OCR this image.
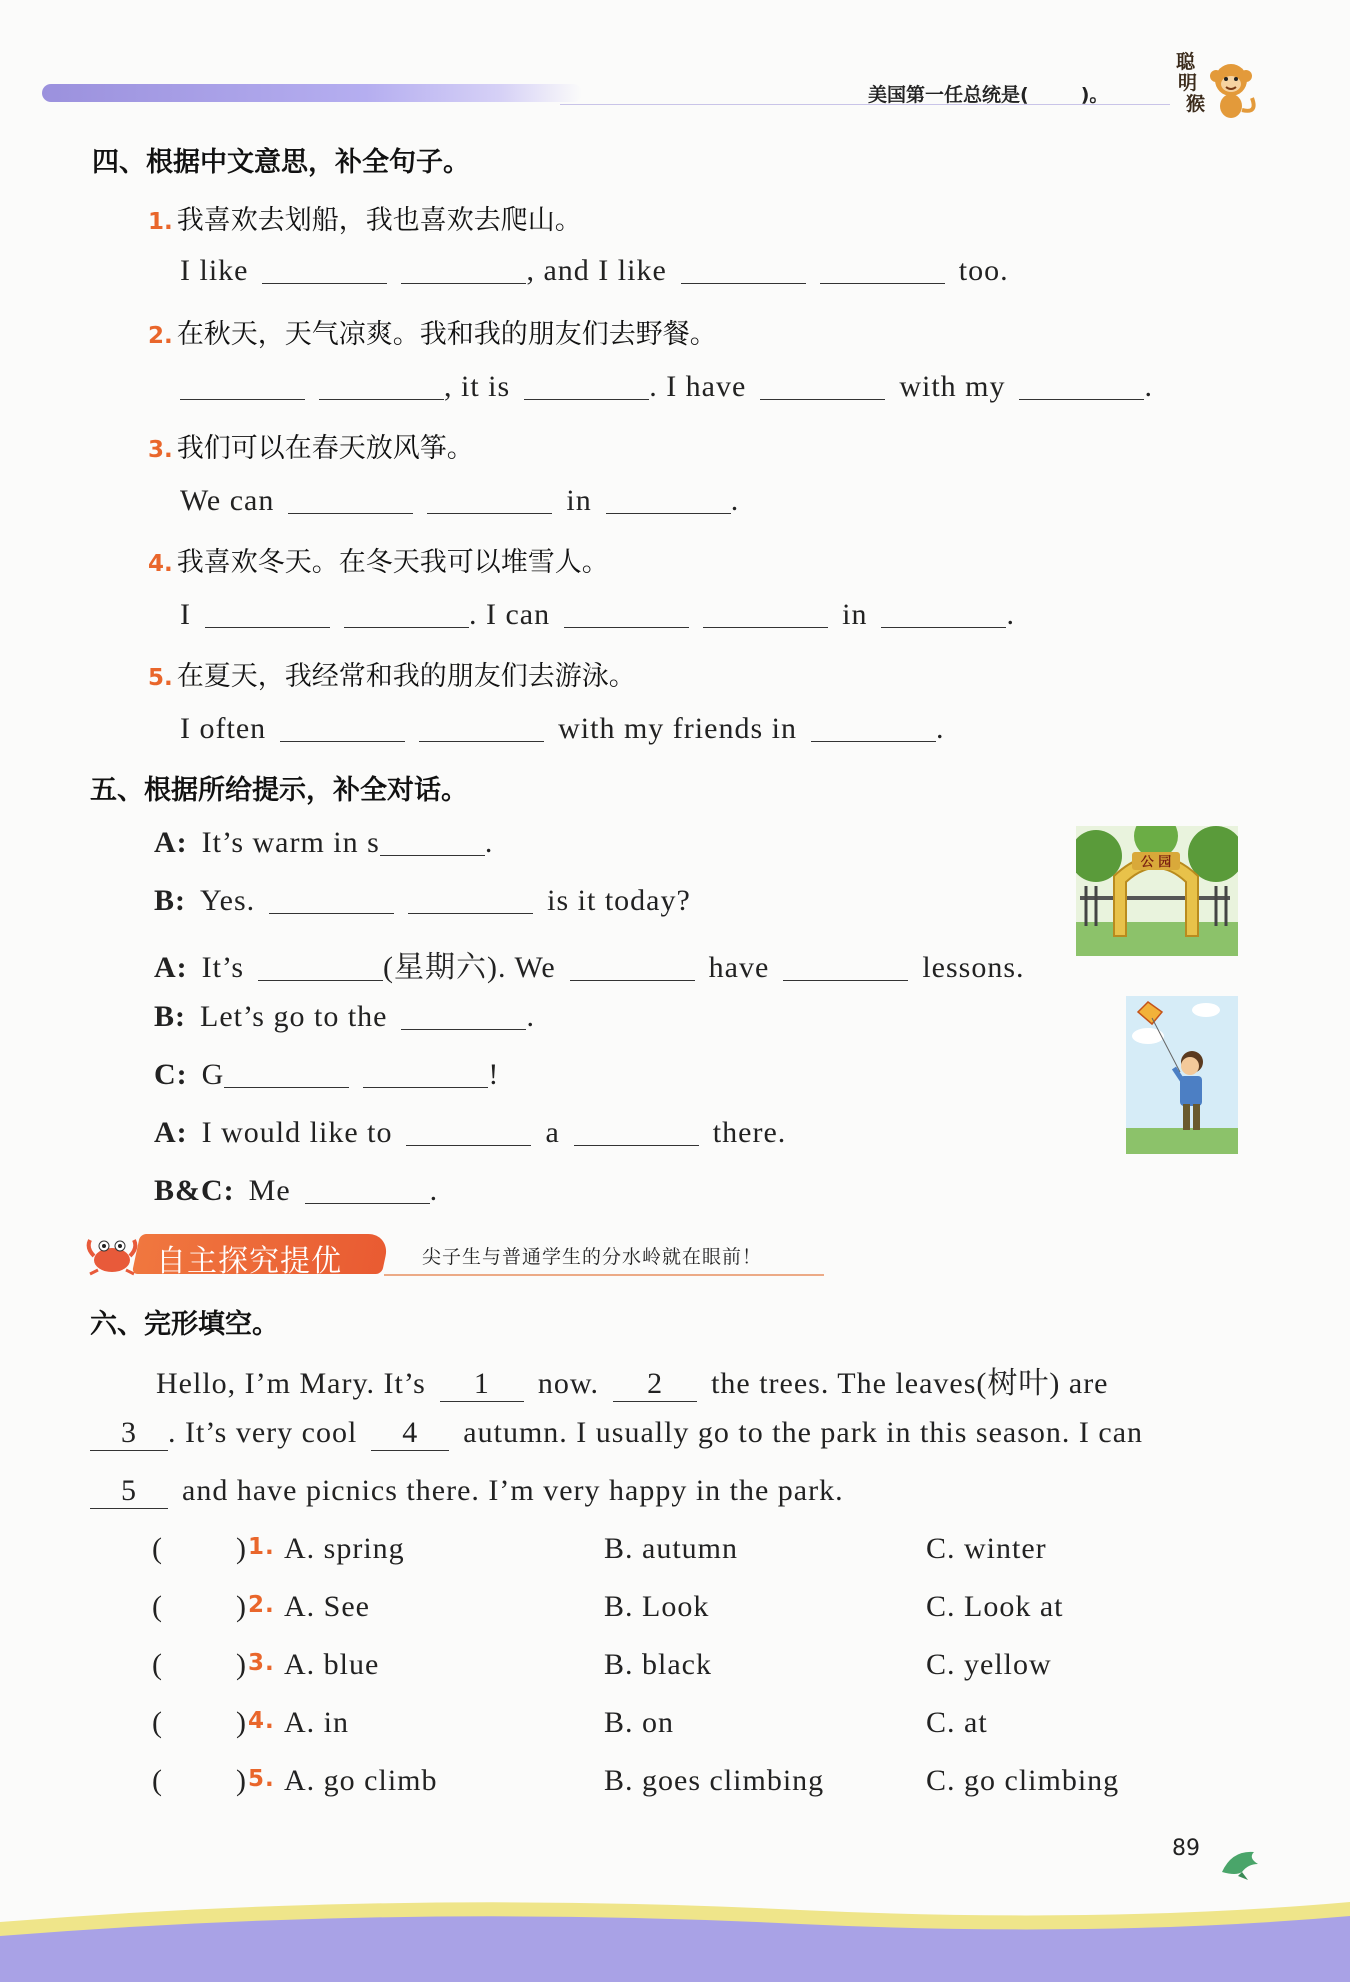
美国第一任总统是(	)。
聪
明
猴
四、根据中文意思，补全句子。
1. 我喜欢去划船，我也喜欢去爬山。
I like	, and I like	too.
2. 在秋天，天气凉爽。我和我的朋友们去野餐。
, it is	. I have	with my	.
3. 我们可以在春天放风筝。
We can	in	.
4. 我喜欢冬天。在冬天我可以堆雪人。
I	. I can	in	.
5. 在夏天，我经常和我的朋友们去游泳。
I often	with my friends in	.
五、根据所给提示，补全对话。
A: It’s warm in s	.
B: Yes.	is it today?
A: It’s	(星期六). We	have	lessons.
B: Let’s go to the	.
C: G	!
A: I would like to	a	there.
B&C: Me	.
公 园
自主探究提优	尖子生与普通学生的分水岭就在眼前！
六、完形填空。
Hello, I’m Mary. It’s 1 now. 2 the trees. The leaves(树叶) are
3 . It’s very cool 4 autumn. I usually go to the park in this season. I can
5 and have picnics there. I’m very happy in the park.
( ) 1. A. spring	B. autumn	C. winter
( ) 2. A. See	B. Look	C. Look at
( ) 3. A. blue	B. black	C. yellow
( ) 4. A. in	B. on	C. at
( ) 5. A. go climb	B. goes climbing	C. go climbing
89
